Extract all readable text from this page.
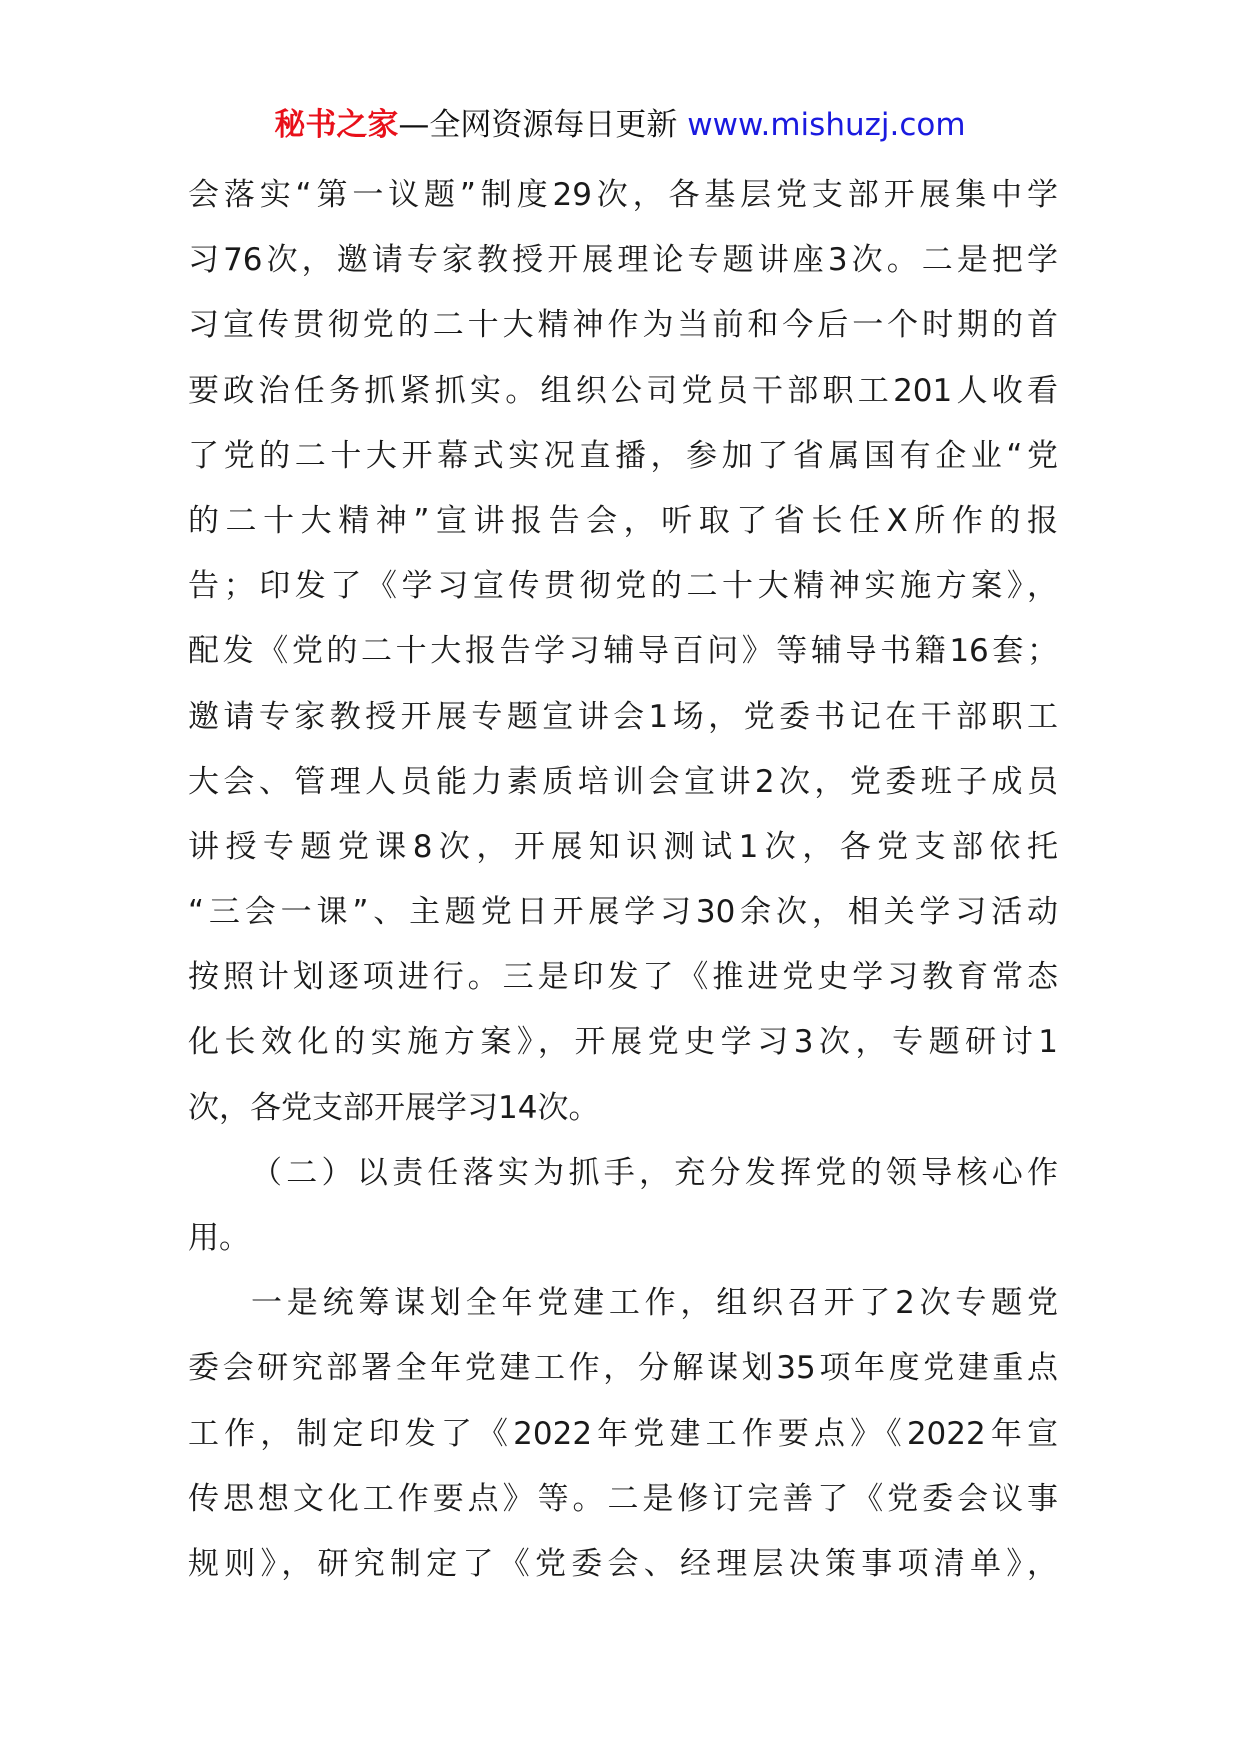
秘书之家—全网资源每日更新 www.mishuzj.com
会落实“第一议题”制度29次，各基层党支部开展集中学
习76次，邀请专家教授开展理论专题讲座3次。二是把学
习宣传贯彻党的二十大精神作为当前和今后一个时期的首
要政治任务抓紧抓实。组织公司党员干部职工201人收看
了党的二十大开幕式实况直播，参加了省属国有企业“党
的二十大精神”宣讲报告会，听取了省长任X所作的报
告；印发了《学习宣传贯彻党的二十大精神实施方案》，
配发《党的二十大报告学习辅导百问》等辅导书籍16套；
邀请专家教授开展专题宣讲会1场，党委书记在干部职工
大会、管理人员能力素质培训会宣讲2次，党委班子成员
讲授专题党课8次，开展知识测试1次，各党支部依托
“三会一课”、主题党日开展学习30余次，相关学习活动
按照计划逐项进行。三是印发了《推进党史学习教育常态
化长效化的实施方案》，开展党史学习3次，专题研讨1
次，各党支部开展学习14次。
（二）以责任落实为抓手，充分发挥党的领导核心作
用。
一是统筹谋划全年党建工作，组织召开了2次专题党
委会研究部署全年党建工作，分解谋划35项年度党建重点
工作，制定印发了《2022年党建工作要点》《2022年宣
传思想文化工作要点》等。二是修订完善了《党委会议事
规则》，研究制定了《党委会、经理层决策事项清单》，
